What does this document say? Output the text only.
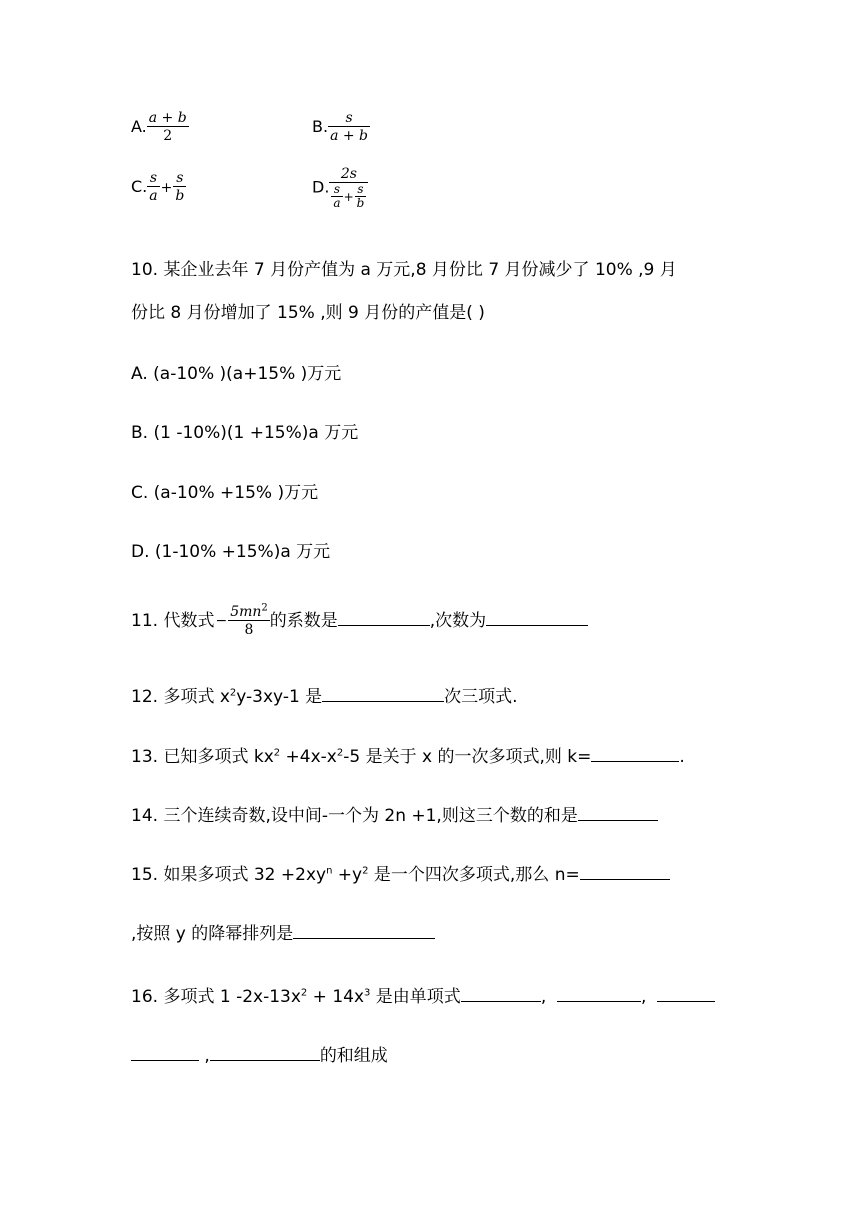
A. $\frac{a + b}{2}$	B. $\frac{s}{a + b}$
C. $\frac{s}{a} + \frac{s}{b}$	D. $\frac{2s}{\frac{s}{a} + \frac{s}{b}}$
10. 某企业去年 7 月份产值为 a 万元,8 月份比 7 月份减少了 10% ,9 月
份比 8 月份增加了 15% ,则 9 月份的产值是( )
A. (a-10% )(a+15% )万元
B. (1 -10%)(1 +15%)a 万元
C. (a-10% +15% )万元
D. (1-10% +15%)a 万元
11. 代数式− $\frac{5mn^2}{8}$ 的系数是	,次数为
12. 多项式 $x^2y-3xy-1$ 是	次三项式.
13. 已知多项式 $kx^2 +4x-x^2-5$ 是关于 x 的一次多项式,则 k=	.
14. 三个连续奇数,设中间-一个为 2n +1,则这三个数的和是
15. 如果多项式 $32 +2xy^n +y^2$ 是一个四次多项式,那么 n=
,按照 y 的降幂排列是
16. 多项式 1 $-2x-13x^2 + 14x^3$ 是由单项式	,	,
,	的和组成
